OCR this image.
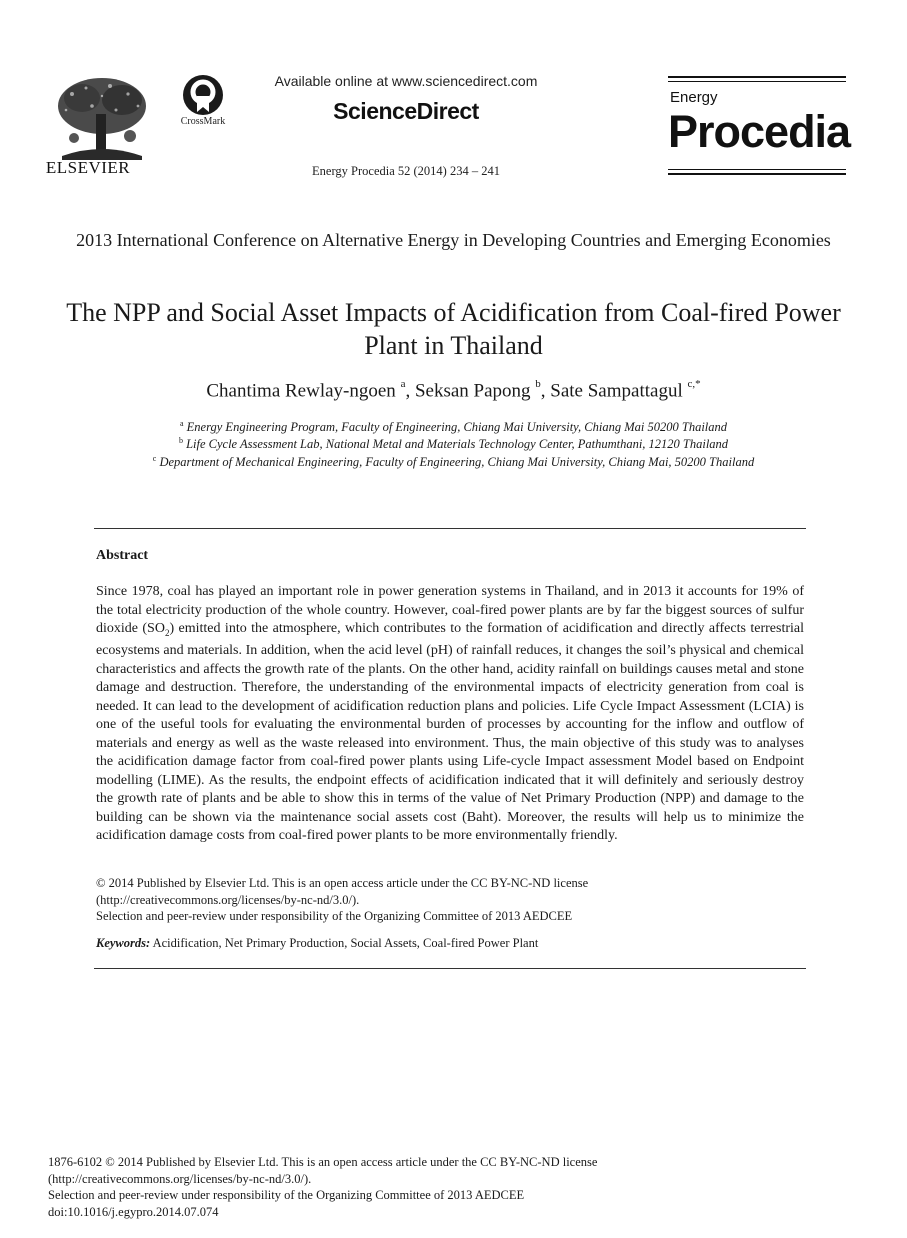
ELSEVIER
CrossMark
Available online at www.sciencedirect.com
ScienceDirect
Energy Procedia 52 (2014) 234 – 241
Energy
Procedia
2013 International Conference on Alternative Energy in Developing Countries and Emerging Economies
The NPP and Social Asset Impacts of Acidification from Coal-fired Power Plant in Thailand
Chantima Rewlay-ngoen $^a$, Seksan Papong $^b$, Sate Sampattagul $^{c,*}$
$^a$ Energy Engineering Program, Faculty of Engineering, Chiang Mai University, Chiang Mai 50200 Thailand
$^b$ Life Cycle Assessment Lab, National Metal and Materials Technology Center, Pathumthani, 12120 Thailand
$^c$ Department of Mechanical Engineering, Faculty of Engineering, Chiang Mai University, Chiang Mai, 50200 Thailand
Abstract

Since 1978, coal has played an important role in power generation systems in Thailand, and in 2013 it accounts for 19% of the total electricity production of the whole country. However, coal-fired power plants are by far the biggest sources of sulfur dioxide $(SO_2)$ emitted into the atmosphere, which contributes to the formation of acidification and directly affects terrestrial ecosystems and materials. In addition, when the acid level (pH) of rainfall reduces, it changes the soil’s physical and chemical characteristics and affects the growth rate of the plants. On the other hand, acidity rainfall on buildings causes metal and stone damage and destruction. Therefore, the understanding of the environmental impacts of electricity generation from coal is needed. It can lead to the development of acidification reduction plans and policies. Life Cycle Impact Assessment (LCIA) is one of the useful tools for evaluating the environmental burden of processes by accounting for the inflow and outflow of materials and energy as well as the waste released into environment. Thus, the main objective of this study was to analyses the acidification damage factor from coal-fired power plants using Life-cycle Impact assessment Model based on Endpoint modelling (LIME). As the results, the endpoint effects of acidification indicated that it will definitely and seriously destroy the growth rate of plants and be able to show this in terms of the value of Net Primary Production (NPP) and damage to the building can be shown via the maintenance social assets cost (Baht). Moreover, the results will help us to minimize the acidification damage costs from coal-fired power plants to be more environmentally friendly.

© 2014 Published by Elsevier Ltd. This is an open access article under the CC BY-NC-ND license
(http://creativecommons.org/licenses/by-nc-nd/3.0/).
Selection and peer-review under responsibility of the Organizing Committee of 2013 AEDCEE
Keywords: Acidification, Net Primary Production, Social Assets, Coal-fired Power Plant
1876-6102 © 2014 Published by Elsevier Ltd. This is an open access article under the CC BY-NC-ND license
(http://creativecommons.org/licenses/by-nc-nd/3.0/).
Selection and peer-review under responsibility of the Organizing Committee of 2013 AEDCEE
doi:10.1016/j.egypro.2014.07.074
